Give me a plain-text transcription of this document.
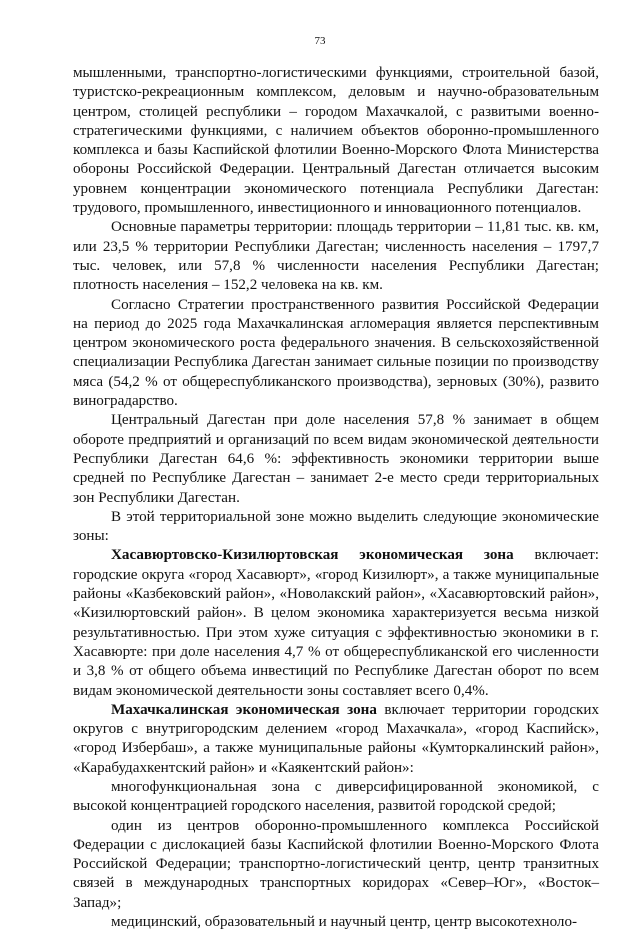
73

мышленными, транспортно-логистическими функциями, строительной базой, туристско-рекреационным комплексом, деловым и научно-образовательным центром, столицей республики – городом Махачкалой, с развитыми военно-стратегическими функциями, с наличием объектов оборонно-промышленного комплекса и базы Каспийской флотилии Военно-Морского Флота Министерства обороны Российской Федерации. Центральный Дагестан отличается высоким уровнем концентрации экономического потенциала Республики Дагестан: трудового, промышленного, инвестиционного и инновационного потенциалов.

Основные параметры территории: площадь территории – 11,81 тыс. кв. км, или 23,5 % территории Республики Дагестан; численность населения – 1797,7 тыс. человек, или 57,8 % численности населения Республики Дагестан; плотность населения – 152,2 человека на кв. км.

Согласно Стратегии пространственного развития Российской Федерации на период до 2025 года Махачкалинская агломерация является перспективным центром экономического роста федерального значения. В сельскохозяйственной специализации Республика Дагестан занимает сильные позиции по производству мяса (54,2 % от общереспубликанского производства), зерновых (30%), развито виноградарство.

Центральный Дагестан при доле населения 57,8 % занимает в общем обороте предприятий и организаций по всем видам экономической деятельности Республики Дагестан 64,6 %: эффективность экономики территории выше средней по Республике Дагестан – занимает 2-е место среди территориальных зон Республики Дагестан.

В этой территориальной зоне можно выделить следующие экономические зоны:

Хасавюртовско-Кизилюртовская экономическая зона включает: городские округа «город Хасавюрт», «город Кизилюрт», а также муниципальные районы «Казбековский район», «Новолакский район», «Хасавюртовский район», «Кизилюртовский район». В целом экономика характеризуется весьма низкой результативностью. При этом хуже ситуация с эффективностью экономики в г. Хасавюрте: при доле населения 4,7 % от общереспубликанской его численности и 3,8 % от общего объема инвестиций по Республике Дагестан оборот по всем видам экономической деятельности зоны составляет всего 0,4%.

Махачкалинская экономическая зона включает территории городских округов с внутригородским делением «город Махачкала», «город Каспийск», «город Избербаш», а также муниципальные районы «Кумторкалинский район», «Карабудахкентский район» и «Каякентский район»:

многофункциональная зона с диверсифицированной экономикой, с высокой концентрацией городского населения, развитой городской средой;

один из центров оборонно-промышленного комплекса Российской Федерации с дислокацией базы Каспийской флотилии Военно-Морского Флота Российской Федерации; транспортно-логистический центр, центр транзитных связей в международных транспортных коридорах «Север–Юг», «Восток–Запад»;

медицинский, образовательный и научный центр, центр высокотехноло-
